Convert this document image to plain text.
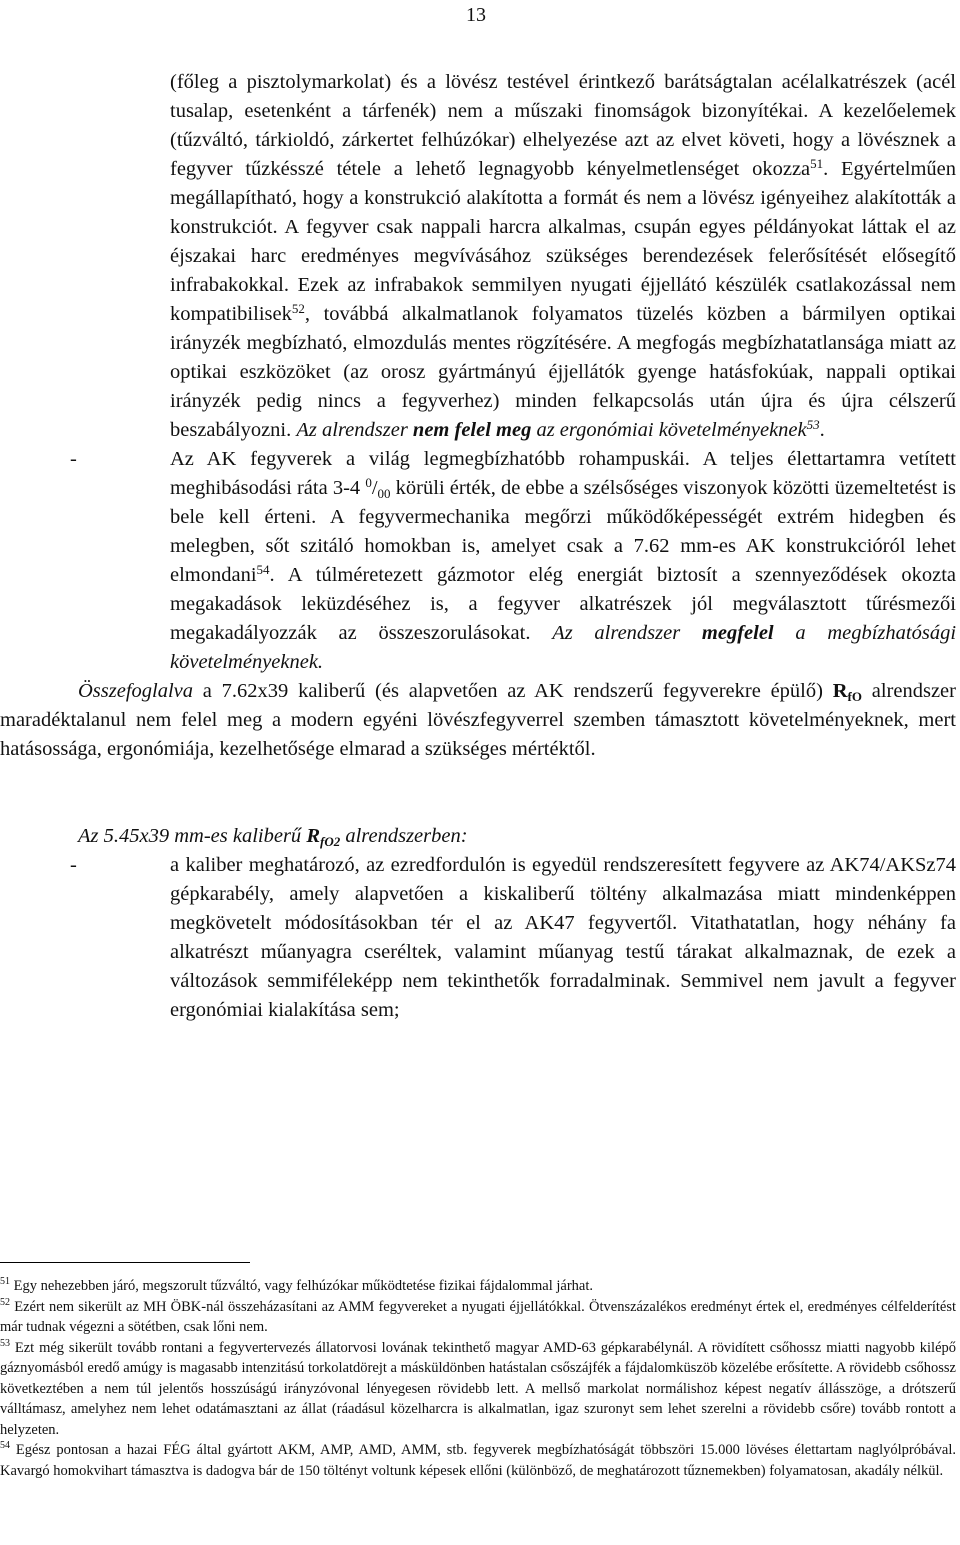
13

(főleg a pisztolymarkolat) és a lövész testével érintkező barátságtalan acélalkatrészek (acél tusalap, esetenként a tárfenék) nem a műszaki finomságok bizonyítékai. A kezelőelemek (tűzváltó, tárkioldó, zárkertet felhúzókar) elhelyezése azt az elvet követi, hogy a lövésznek a fegyver tűzkésszé tétele a lehető legnagyobb kényelmetlenséget okozza$^{51}$. Egyértelműen megállapítható, hogy a konstrukció alakította a formát és nem a lövész igényeihez alakították a konstrukciót. A fegyver csak nappali harcra alkalmas, csupán egyes példányokat láttak el az éjszakai harc eredményes megvívásához szükséges berendezések felerősítését elősegítő infrabakokkal. Ezek az infrabakok semmilyen nyugati éjjellátó készülék csatlakozással nem kompatibilisek$^{52}$, továbbá alkalmatlanok folyamatos tüzelés közben a bármilyen optikai irányzék megbízható, elmozdulás mentes rögzítésére. A megfogás megbízhatatlansága miatt az optikai eszközöket (az orosz gyártmányú éjjellátók gyenge hatásfokúak, nappali optikai irányzék pedig nincs a fegyverhez) minden felkapcsolás után újra és újra célszerű beszabályozni. Az alrendszer nem felel meg az ergonómiai követelményeknek$^{53}$.

-	Az AK fegyverek a világ legmegbízhatóbb rohampuskái. A teljes élettartamra vetített meghibásodási ráta 3-4 $^0/_{00}$ körüli érték, de ebbe a szélsőséges viszonyok közötti üzemeltetést is bele kell érteni. A fegyvermechanika megőrzi működőképességét extrém hidegben és melegben, sőt szitáló homokban is, amelyet csak a 7.62 mm-es AK konstrukcióról lehet elmondani$^{54}$. A túlméretezett gázmotor elég energiát biztosít a szennyeződések okozta megakadások leküzdéséhez is, a fegyver alkatrészek jól megválasztott tűrésmezői megakadályozzák az összeszorulásokat. Az alrendszer megfelel a megbízhatósági követelményeknek.

Összefoglalva a 7.62x39 kaliberű (és alapvetően az AK rendszerű fegyverekre épülő) $R_{fO}$ alrendszer maradéktalanul nem felel meg a modern egyéni lövészfegyverrel szemben támasztott követelményeknek, mert hatásossága, ergonómiája, kezelhetősége elmarad a szükséges mértéktől.

Az 5.45x39 mm-es kaliberű $R_{fO2}$ alrendszerben:

-	a kaliber meghatározó, az ezredfordulón is egyedül rendszeresített fegyvere az AK74/AKSz74 gépkarabély, amely alapvetően a kiskaliberű töltény alkalmazása miatt mindenképpen megkövetelt módosításokban tér el az AK47 fegyvertől. Vitathatatlan, hogy néhány fa alkatrészt műanyagra cseréltek, valamint műanyag testű tárakat alkalmaznak, de ezek a változások semmiféleképp nem tekinthetők forradalminak. Semmivel nem javult a fegyver ergonómiai kialakítása sem;

$^{51}$ Egy nehezebben járó, megszorult tűzváltó, vagy felhúzókar működtetése fizikai fájdalommal járhat.

$^{52}$ Ezért nem sikerült az MH ÖBK-nál összeházasítani az AMM fegyvereket a nyugati éjjellátókkal. Ötvenszázalékos eredményt értek el, eredményes célfelderítést már tudnak végezni a sötétben, csak lőni nem.

$^{53}$ Ezt még sikerült tovább rontani a fegyvertervezés állatorvosi lovának tekinthető magyar AMD-63 gépkarabélynál. A rövidített csőhossz miatti nagyobb kilépő gáznyomásból eredő amúgy is magasabb intenzitású torkolatdörejt a másküldönben hatástalan csőszájfék a fájdalomküszöb közelébe erősítette. A rövidebb csőhossz következtében a nem túl jelentős hosszúságú irányzóvonal lényegesen rövidebb lett. A mellső markolat normálishoz képest negatív állásszöge, a drótszerű válltámasz, amelyhez nem lehet odatámasztani az állat (ráadásul közelharcra is alkalmatlan, igaz szuronyt sem lehet szerelni a rövidebb csőre) tovább rontott a helyzeten.

$^{54}$ Egész pontosan a hazai FÉG által gyártott AKM, AMP, AMD, AMM, stb. fegyverek megbízhatóságát többszöri 15.000 lövéses élettartam naglyólpróbával. Kavargó homokvihart támasztva is dadogva bár de 150 töltényt voltunk képesek ellőni (különböző, de meghatározott tűznemekben) folyamatosan, akadály nélkül.
